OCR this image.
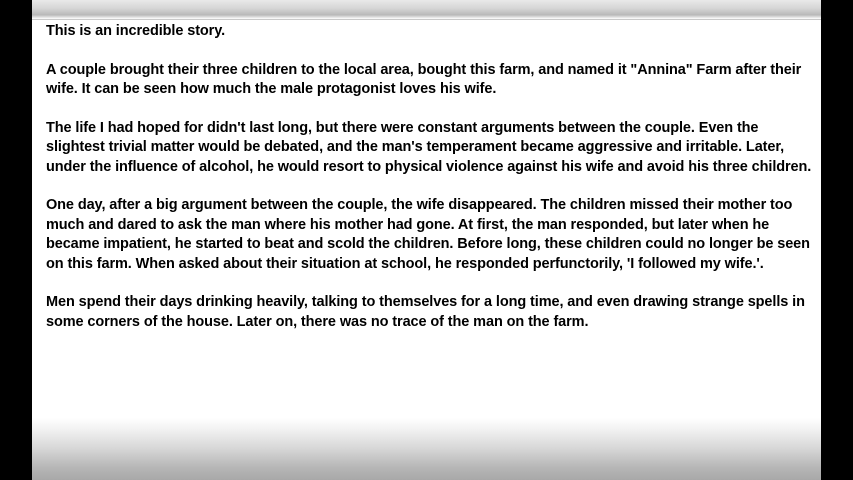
This is an incredible story.

A couple brought their three children to the local area, bought this farm, and named it "Annina" Farm after their wife. It can be seen how much the male protagonist loves his wife.

The life I had hoped for didn't last long, but there were constant arguments between the couple. Even the slightest trivial matter would be debated, and the man's temperament became aggressive and irritable. Later, under the influence of alcohol, he would resort to physical violence against his wife and avoid his three children.

One day, after a big argument between the couple, the wife disappeared. The children missed their mother too much and dared to ask the man where his mother had gone. At first, the man responded, but later when he became impatient, he started to beat and scold the children. Before long, these children could no longer be seen on this farm. When asked about their situation at school, he responded perfunctorily, 'I followed my wife.'.

Men spend their days drinking heavily, talking to themselves for a long time, and even drawing strange spells in some corners of the house. Later on, there was no trace of the man on the farm.
